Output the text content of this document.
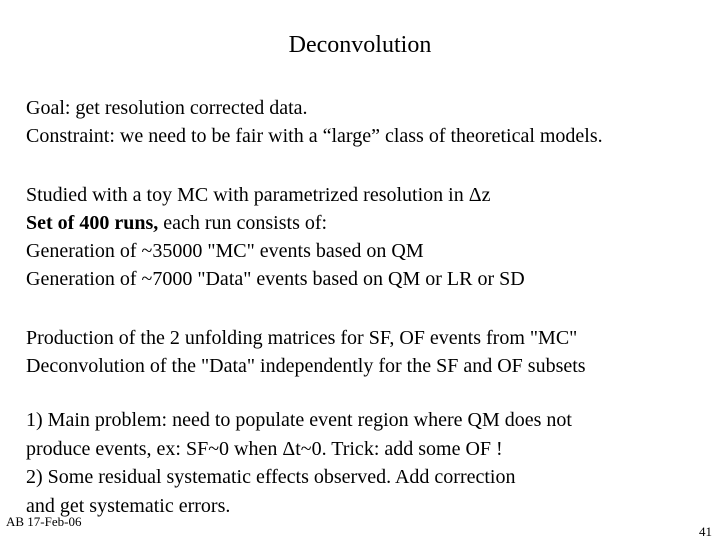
Deconvolution
Goal: get resolution corrected data.
Constraint: we need to be fair with a “large” class of theoretical models.
Studied with a toy MC with parametrized resolution in Δz
Set of 400 runs, each run consists of:
Generation of ~35000 "MC" events based on QM
Generation of ~7000 "Data" events based on QM or LR or SD
Production of the 2 unfolding matrices for SF, OF events from "MC"
Deconvolution of the "Data" independently for the SF and OF subsets
1) Main problem: need to populate event region where QM does not
produce events, ex: SF~0 when Δt~0. Trick: add some OF !
2) Some residual systematic effects observed. Add correction
and get systematic errors.
AB 17-Feb-06
41
